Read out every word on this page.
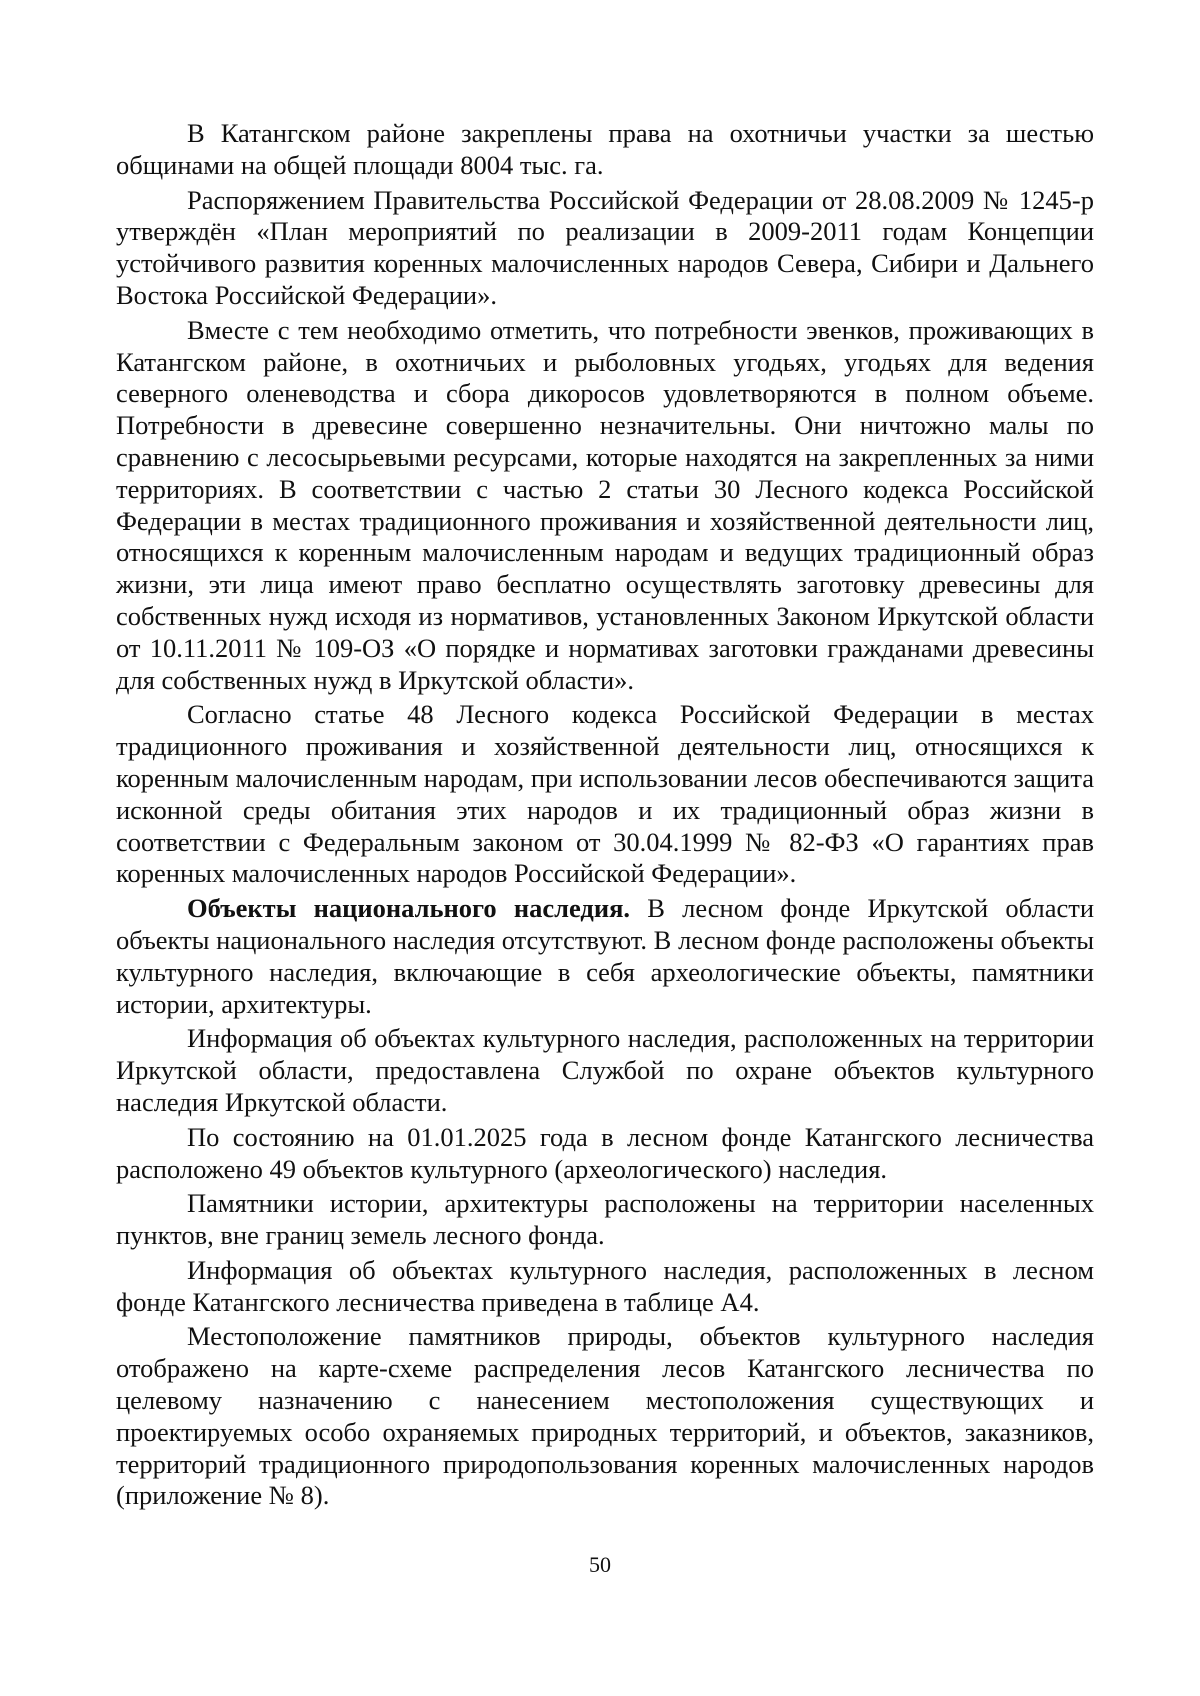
В Катангском районе закреплены права на охотничьи участки за шестью общинами на общей площади 8004 тыс. га.

Распоряжением Правительства Российской Федерации от 28.08.2009 № 1245-р утверждён «План мероприятий по реализации в 2009-2011 годам Концепции устойчивого развития коренных малочисленных народов Севера, Сибири и Дальнего Востока Российской Федерации».

Вместе с тем необходимо отметить, что потребности эвенков, проживающих в Катангском районе, в охотничьих и рыболовных угодьях, угодьях для ведения северного оленеводства и сбора дикоросов удовлетворяются в полном объеме. Потребности в древесине совершенно незначительны. Они ничтожно малы по сравнению с лесосырьевыми ресурсами, которые находятся на закрепленных за ними территориях. В соответствии с частью 2 статьи 30 Лесного кодекса Российской Федерации в местах традиционного проживания и хозяйственной деятельности лиц, относящихся к коренным малочисленным народам и ведущих традиционный образ жизни, эти лица имеют право бесплатно осуществлять заготовку древесины для собственных нужд исходя из нормативов, установленных Законом Иркутской области от 10.11.2011 № 109-ОЗ «О порядке и нормативах заготовки гражданами древесины для собственных нужд в Иркутской области».

Согласно статье 48 Лесного кодекса Российской Федерации в местах традиционного проживания и хозяйственной деятельности лиц, относящихся к коренным малочисленным народам, при использовании лесов обеспечиваются защита исконной среды обитания этих народов и их традиционный образ жизни в соответствии с Федеральным законом от 30.04.1999 № 82-ФЗ «О гарантиях прав коренных малочисленных народов Российской Федерации».

Объекты национального наследия. В лесном фонде Иркутской области объекты национального наследия отсутствуют. В лесном фонде расположены объекты культурного наследия, включающие в себя археологические объекты, памятники истории, архитектуры.

Информация об объектах культурного наследия, расположенных на территории Иркутской области, предоставлена Службой по охране объектов культурного наследия Иркутской области.

По состоянию на 01.01.2025 года в лесном фонде Катангского лесничества расположено 49 объектов культурного (археологического) наследия.

Памятники истории, архитектуры расположены на территории населенных пунктов, вне границ земель лесного фонда.

Информация об объектах культурного наследия, расположенных в лесном фонде Катангского лесничества приведена в таблице А4.

Местоположение памятников природы, объектов культурного наследия отображено на карте-схеме распределения лесов Катангского лесничества по целевому назначению с нанесением местоположения существующих и проектируемых особо охраняемых природных территорий, и объектов, заказников, территорий традиционного природопользования коренных малочисленных народов (приложение № 8).

50
